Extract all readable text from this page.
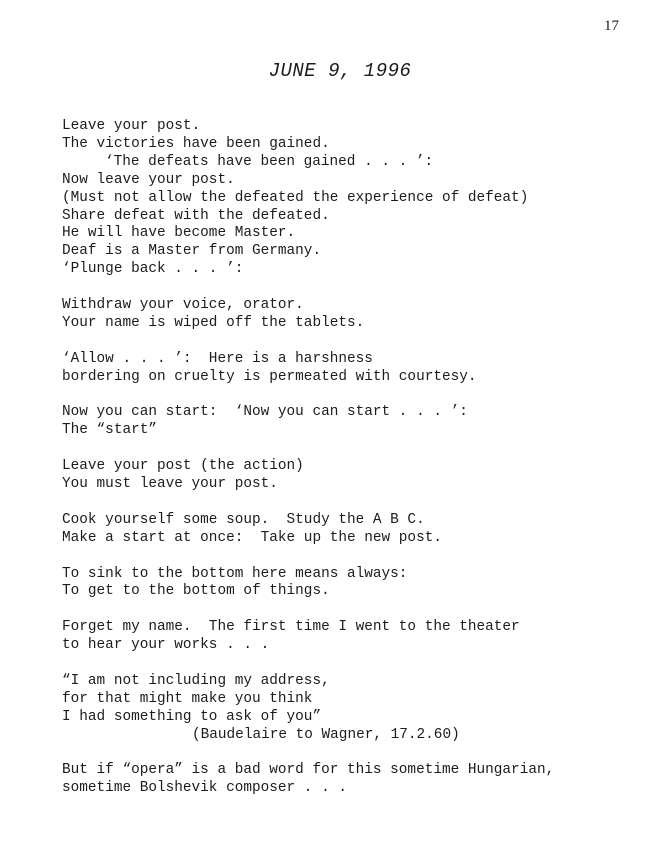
17
JUNE 9, 1996
Leave your post.
The victories have been gained.
‘The defeats have been gained . . . ’:
Now leave your post.
(Must not allow the defeated the experience of defeat)
Share defeat with the defeated.
He will have become Master.
Deaf is a Master from Germany.
‘Plunge back . . . ’:
Withdraw your voice, orator.
Your name is wiped off the tablets.
‘Allow . . . ’:  Here is a harshness
bordering on cruelty is permeated with courtesy.
Now you can start:  ‘Now you can start . . . ’:
The “start”
Leave your post (the action)
You must leave your post.
Cook yourself some soup.  Study the A B C.
Make a start at once:  Take up the new post.
To sink to the bottom here means always:
To get to the bottom of things.
Forget my name.  The first time I went to the theater
to hear your works . . .
“I am not including my address,
for that might make you think
I had something to ask of you”
(Baudelaire to Wagner, 17.2.60)
But if “opera” is a bad word for this sometime Hungarian,
sometime Bolshevik composer . . .
